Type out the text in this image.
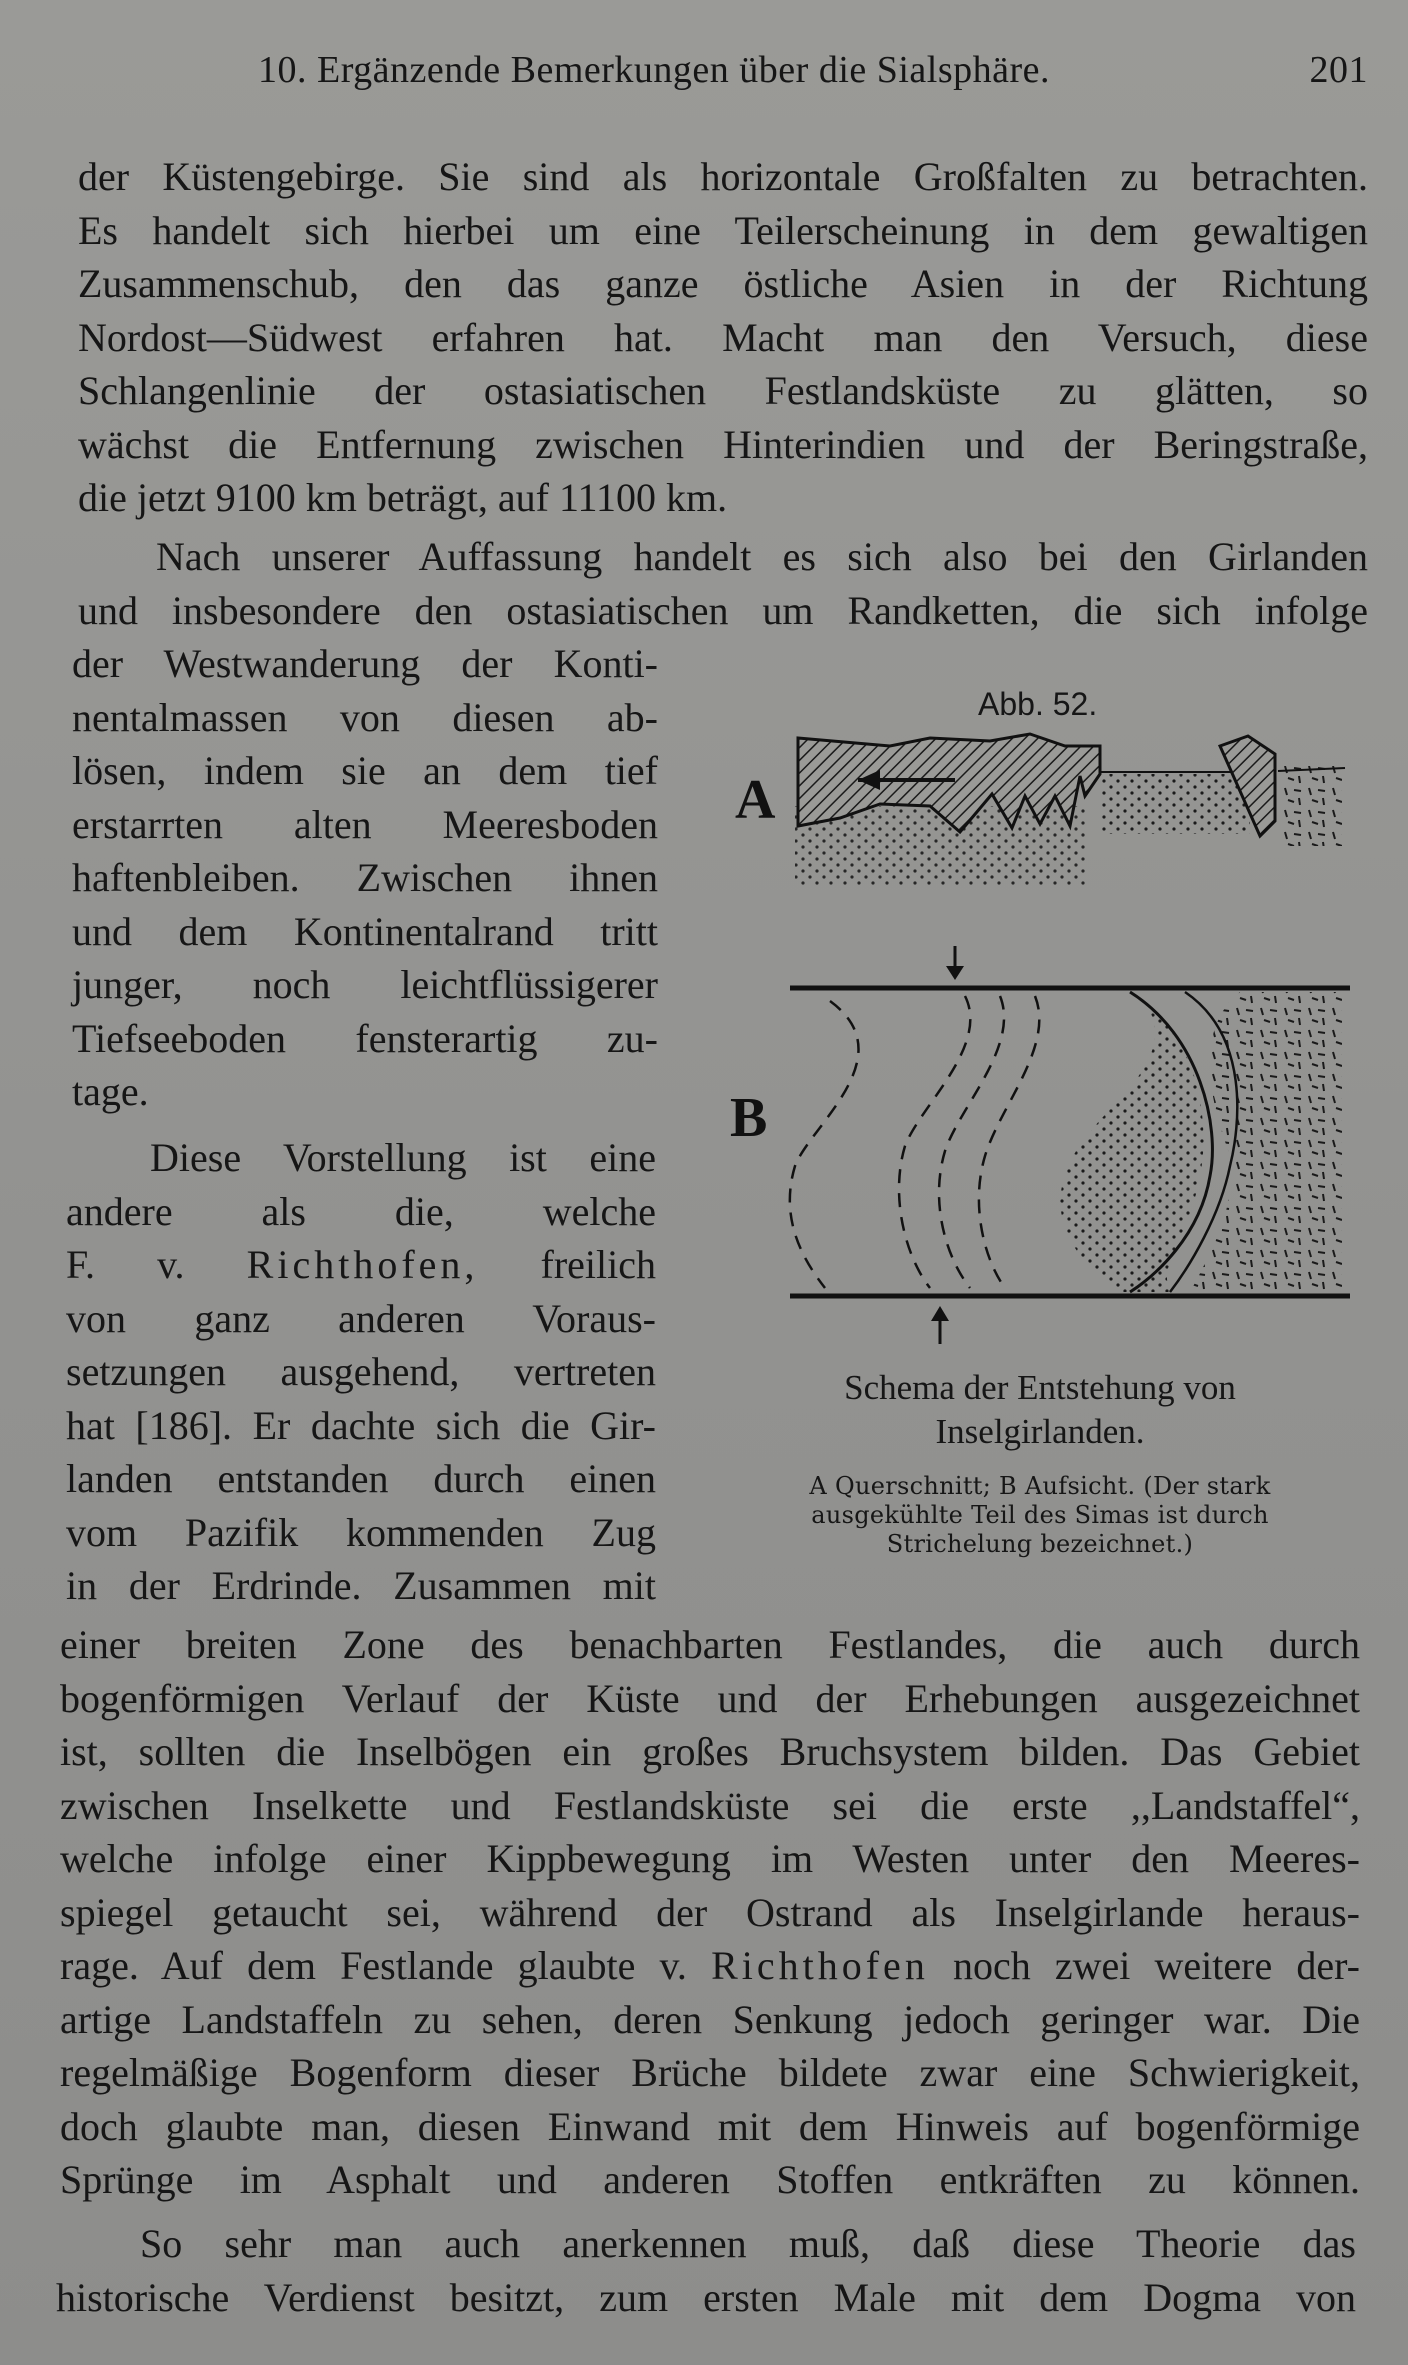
10. Ergänzende Bemerkungen über die Sialsphäre.	201
der Küstengebirge. Sie sind als horizontale Großfalten zu betrachten.
Es handelt sich hierbei um eine Teilerscheinung in dem gewaltigen
Zusammenschub, den das ganze östliche Asien in der Richtung
Nordost—Südwest erfahren hat. Macht man den Versuch, diese
Schlangenlinie der ostasiatischen Festlandsküste zu glätten, so
wächst die Entfernung zwischen Hinterindien und der Beringstraße,
die jetzt 9100 km beträgt, auf 11100 km.
Nach unserer Auffassung handelt es sich also bei den Girlanden
und insbesondere den ostasiatischen um Randketten, die sich infolge
der Westwanderung der Konti-
nentalmassen von diesen ab-
lösen, indem sie an dem tief
erstarrten alten Meeresboden
haftenbleiben. Zwischen ihnen
und dem Kontinentalrand tritt
junger, noch leichtflüssigerer
Tiefseeboden fensterartig zu-
tage.
Diese Vorstellung ist eine
andere als die, welche
F. v. Richthofen, freilich
von ganz anderen Voraus-
setzungen ausgehend, vertreten
hat [186]. Er dachte sich die Gir-
landen entstanden durch einen
vom Pazifik kommenden Zug
in der Erdrinde. Zusammen mit
einer breiten Zone des benachbarten Festlandes, die auch durch
bogenförmigen Verlauf der Küste und der Erhebungen ausgezeichnet
ist, sollten die Inselbögen ein großes Bruchsystem bilden. Das Gebiet
zwischen Inselkette und Festlandsküste sei die erste ,,Landstaffel“,
welche infolge einer Kippbewegung im Westen unter den Meeres-
spiegel getaucht sei, während der Ostrand als Inselgirlande heraus-
rage. Auf dem Festlande glaubte v. Richthofen noch zwei weitere der-
artige Landstaffeln zu sehen, deren Senkung jedoch geringer war. Die
regelmäßige Bogenform dieser Brüche bildete zwar eine Schwierigkeit,
doch glaubte man, diesen Einwand mit dem Hinweis auf bogenförmige
Sprünge im Asphalt und anderen Stoffen entkräften zu können.
So sehr man auch anerkennen muß, daß diese Theorie das
historische Verdienst besitzt, zum ersten Male mit dem Dogma von
Abb. 52.
A
B
Schema der Entstehung von
Inselgirlanden.
A Querschnitt; B Aufsicht. (Der stark
ausgekühlte Teil des Simas ist durch
Strichelung bezeichnet.)
